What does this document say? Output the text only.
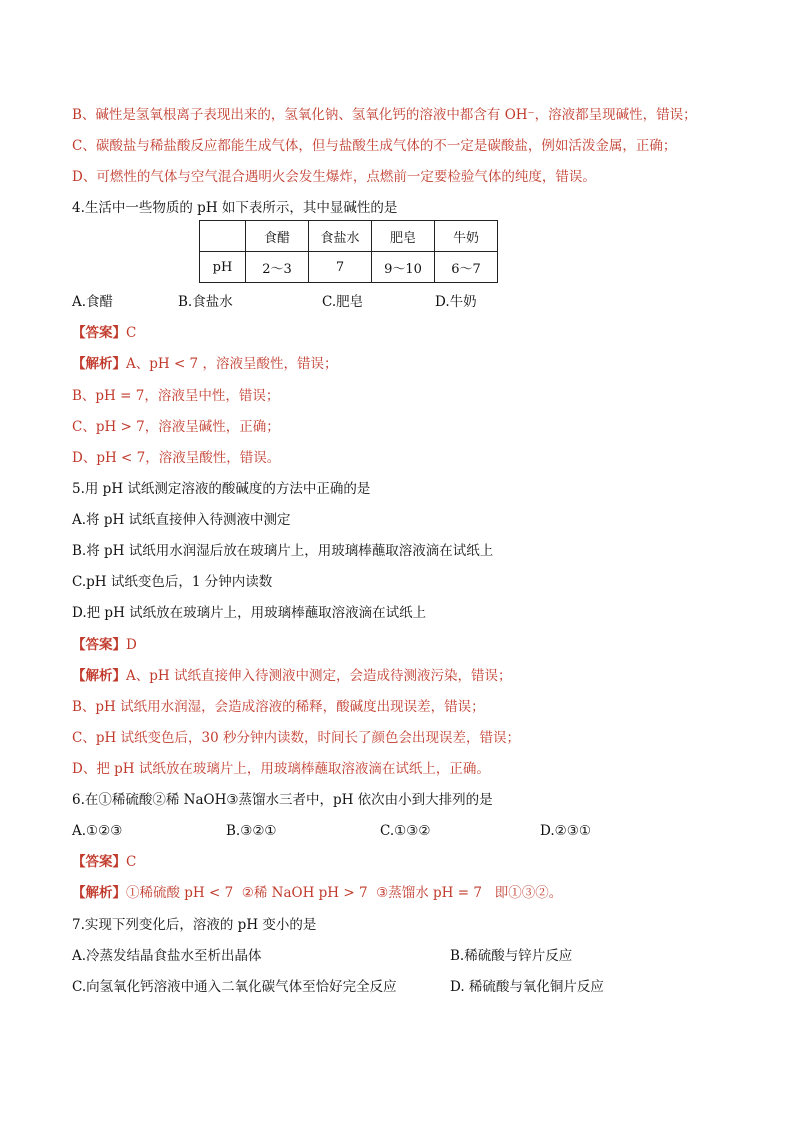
B、碱性是氢氧根离子表现出来的，氢氧化钠、氢氧化钙的溶液中都含有 OH⁻，溶液都呈现碱性，错误；
C、碳酸盐与稀盐酸反应都能生成气体，但与盐酸生成气体的不一定是碳酸盐，例如活泼金属，正确；
D、可燃性的气体与空气混合遇明火会发生爆炸，点燃前一定要检验气体的纯度，错误。
4.生活中一些物质的 pH 如下表所示，其中显碱性的是
	食醋	食盐水	肥皂	牛奶
pH	2～3	7	9～10	6～7
A.食醋	B.食盐水	C.肥皂	D.牛奶
【答案】C
【解析】A、pH < 7 ，溶液呈酸性，错误；
B、pH = 7，溶液呈中性，错误；
C、pH > 7，溶液呈碱性，正确；
D、pH < 7，溶液呈酸性，错误。
5.用 pH 试纸测定溶液的酸碱度的方法中正确的是
A.将 pH 试纸直接伸入待测液中测定
B.将 pH 试纸用水润湿后放在玻璃片上，用玻璃棒蘸取溶液滴在试纸上
C.pH 试纸变色后，1 分钟内读数
D.把 pH 试纸放在玻璃片上，用玻璃棒蘸取溶液滴在试纸上
【答案】D
【解析】A、pH 试纸直接伸入待测液中测定，会造成待测液污染，错误；
B、pH 试纸用水润湿，会造成溶液的稀释，酸碱度出现误差，错误；
C、pH 试纸变色后，30 秒分钟内读数，时间长了颜色会出现误差，错误；
D、把 pH 试纸放在玻璃片上，用玻璃棒蘸取溶液滴在试纸上，正确。
6.在①稀硫酸②稀 NaOH③蒸馏水三者中，pH 依次由小到大排列的是
A.①②③	B.③②①	C.①③②	D.②③①
【答案】C
【解析】①稀硫酸 pH < 7  ②稀 NaOH pH > 7  ③蒸馏水 pH = 7   即①③②。
7.实现下列变化后，溶液的 pH 变小的是
A.冷蒸发结晶食盐水至析出晶体	B.稀硫酸与锌片反应
C.向氢氧化钙溶液中通入二氧化碳气体至恰好完全反应	D. 稀硫酸与氧化铜片反应
